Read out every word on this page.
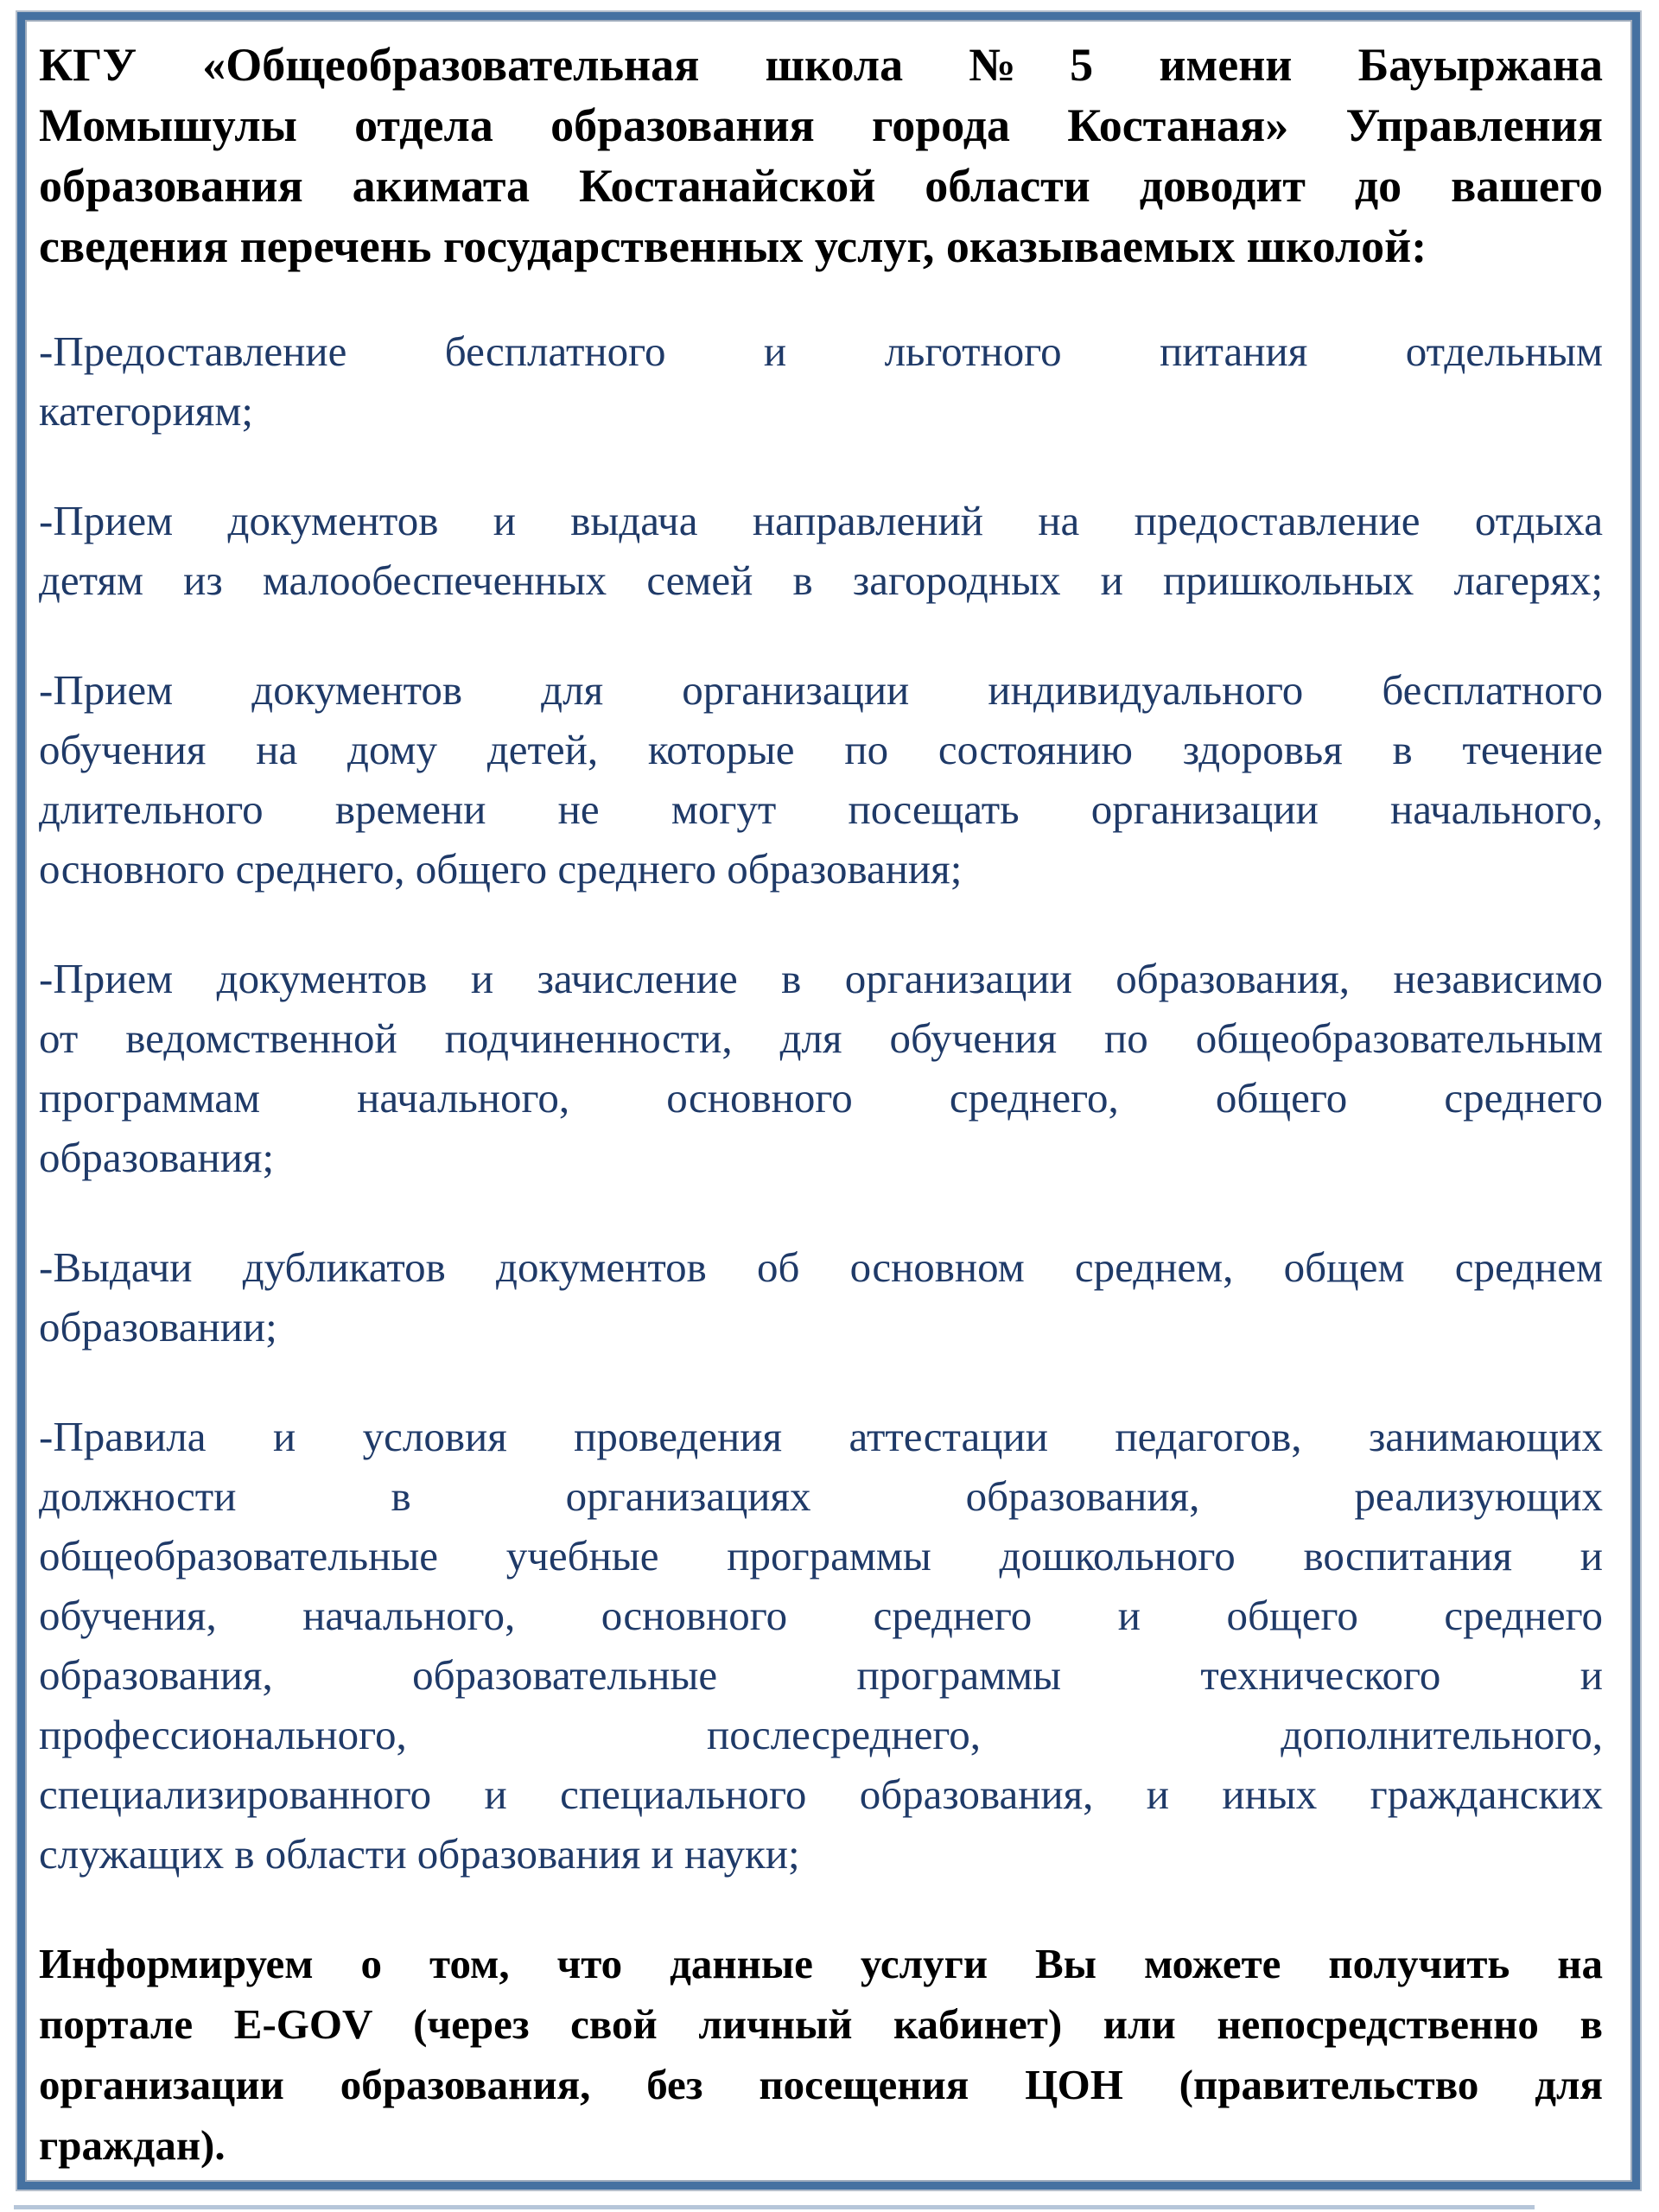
КГУ «Общеобразовательная школа №5 имени Бауыржана
Момышулы отдела образования города Костаная» Управления
образования акимата Костанайской области доводит до вашего
сведения перечень государственных услуг, оказываемых школой:
-Предоставление бесплатного и льготного питания отдельным
категориям;
-Прием документов и выдача направлений на предоставление отдыха
детям из малообеспеченных семей в загородных и пришкольных лагерях;
-Прием документов для организации индивидуального бесплатного
обучения на дому детей, которые по состоянию здоровья в течение
длительного времени не могут посещать организации начального,
основного среднего, общего среднего образования;
-Прием документов и зачисление в организации образования, независимо
от ведомственной подчиненности, для обучения по общеобразовательным
программам начального, основного среднего, общего среднего
образования;
-Выдачи дубликатов документов об основном среднем, общем среднем
образовании;
-Правила и условия проведения аттестации педагогов, занимающих
должности в организациях образования, реализующих
общеобразовательные учебные программы дошкольного воспитания и
обучения, начального, основного среднего и общего среднего
образования, образовательные программы технического и
профессионального, послесреднего, дополнительного,
специализированного и специального образования, и иных гражданских
служащих в области образования и науки;
Информируем о том, что данные услуги Вы можете получить на
портале E-GOV (через свой личный кабинет) или непосредственно в
организации образования, без посещения ЦОН (правительство для
граждан).
